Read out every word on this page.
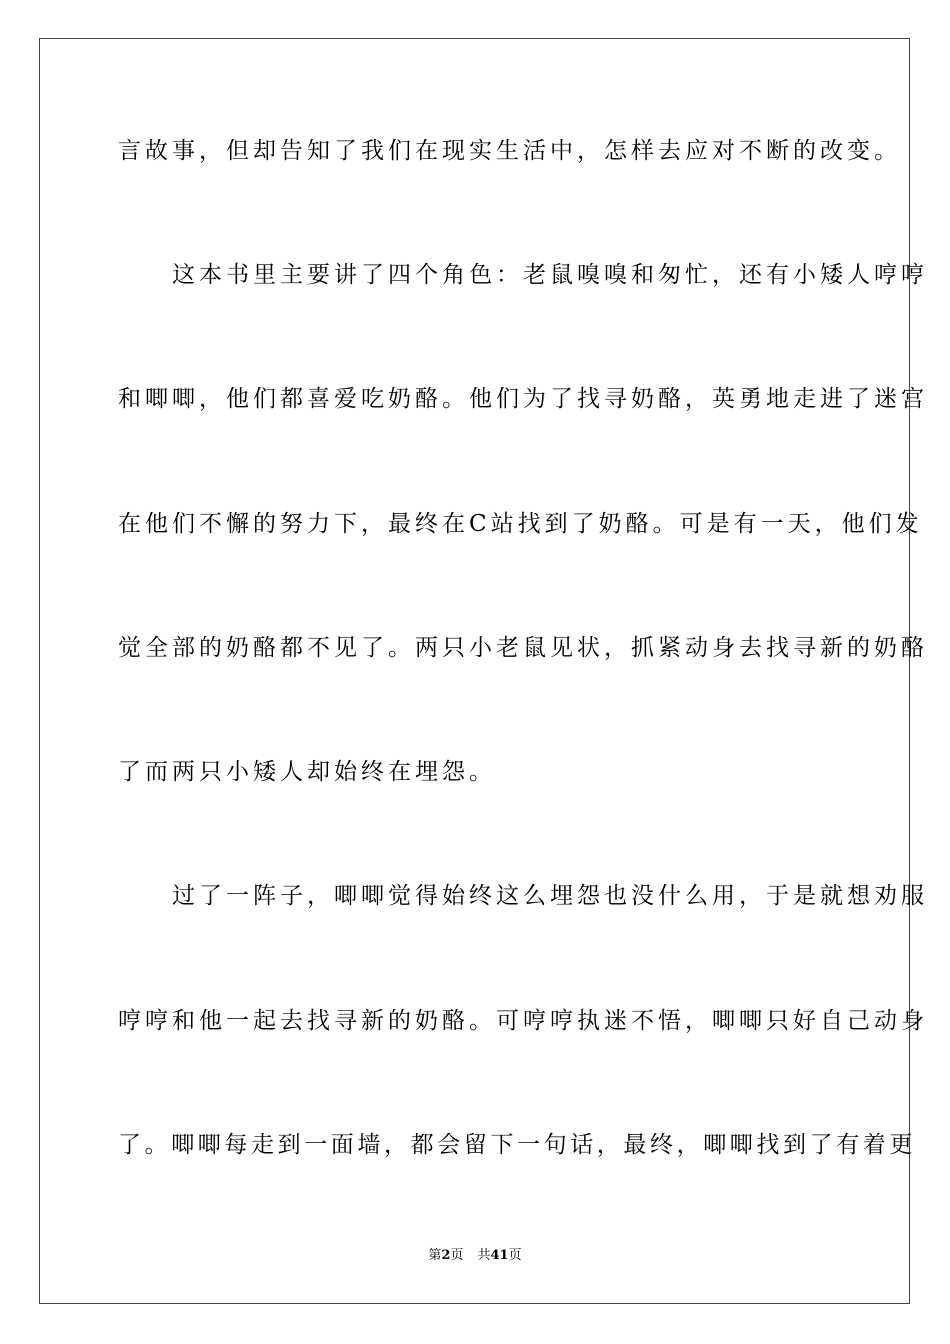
言故事，但却告知了我们在现实生活中，怎样去应对不断的改变。
　　这本书里主要讲了四个角色：老鼠嗅嗅和匆忙，还有小矮人哼哼
和唧唧，他们都喜爱吃奶酪。他们为了找寻奶酪，英勇地走进了迷宫
在他们不懈的努力下，最终在C站找到了奶酪。可是有一天，他们发
觉全部的奶酪都不见了。两只小老鼠见状，抓紧动身去找寻新的奶酪
了而两只小矮人却始终在埋怨。
　　过了一阵子，唧唧觉得始终这么埋怨也没什么用，于是就想劝服
哼哼和他一起去找寻新的奶酪。可哼哼执迷不悟，唧唧只好自己动身
了。唧唧每走到一面墙，都会留下一句话，最终，唧唧找到了有着更
第2页 共41页
